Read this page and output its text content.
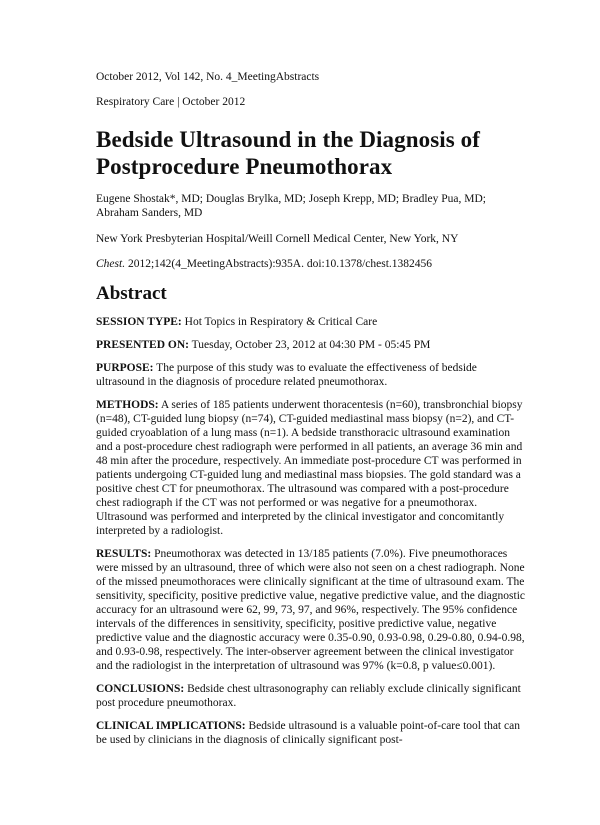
October 2012, Vol 142, No. 4_MeetingAbstracts

Respiratory Care | October 2012

Bedside Ultrasound in the Diagnosis of Postprocedure Pneumothorax

Eugene Shostak*, MD; Douglas Brylka, MD; Joseph Krepp, MD; Bradley Pua, MD; Abraham Sanders, MD

New York Presbyterian Hospital/Weill Cornell Medical Center, New York, NY

Chest. 2012;142(4_MeetingAbstracts):935A. doi:10.1378/chest.1382456

Abstract

SESSION TYPE: Hot Topics in Respiratory & Critical Care

PRESENTED ON: Tuesday, October 23, 2012 at 04:30 PM - 05:45 PM

PURPOSE: The purpose of this study was to evaluate the effectiveness of bedside ultrasound in the diagnosis of procedure related pneumothorax.

METHODS: A series of 185 patients underwent thoracentesis (n=60), transbronchial biopsy (n=48), CT-guided lung biopsy (n=74), CT-guided mediastinal mass biopsy (n=2), and CT-guided cryoablation of a lung mass (n=1). A bedside transthoracic ultrasound examination and a post-procedure chest radiograph were performed in all patients, an average 36 min and 48 min after the procedure, respectively. An immediate post-procedure CT was performed in patients undergoing CT-guided lung and mediastinal mass biopsies. The gold standard was a positive chest CT for pneumothorax. The ultrasound was compared with a post-procedure chest radiograph if the CT was not performed or was negative for a pneumothorax. Ultrasound was performed and interpreted by the clinical investigator and concomitantly interpreted by a radiologist.

RESULTS: Pneumothorax was detected in 13/185 patients (7.0%). Five pneumothoraces were missed by an ultrasound, three of which were also not seen on a chest radiograph. None of the missed pneumothoraces were clinically significant at the time of ultrasound exam. The sensitivity, specificity, positive predictive value, negative predictive value, and the diagnostic accuracy for an ultrasound were 62, 99, 73, 97, and 96%, respectively. The 95% confidence intervals of the differences in sensitivity, specificity, positive predictive value, negative predictive value and the diagnostic accuracy were 0.35-0.90, 0.93-0.98, 0.29-0.80, 0.94-0.98, and 0.93-0.98, respectively. The inter-observer agreement between the clinical investigator and the radiologist in the interpretation of ultrasound was 97% (k=0.8, p value≤0.001).

CONCLUSIONS: Bedside chest ultrasonography can reliably exclude clinically significant post procedure pneumothorax.

CLINICAL IMPLICATIONS: Bedside ultrasound is a valuable point-of-care tool that can be used by clinicians in the diagnosis of clinically significant post-
